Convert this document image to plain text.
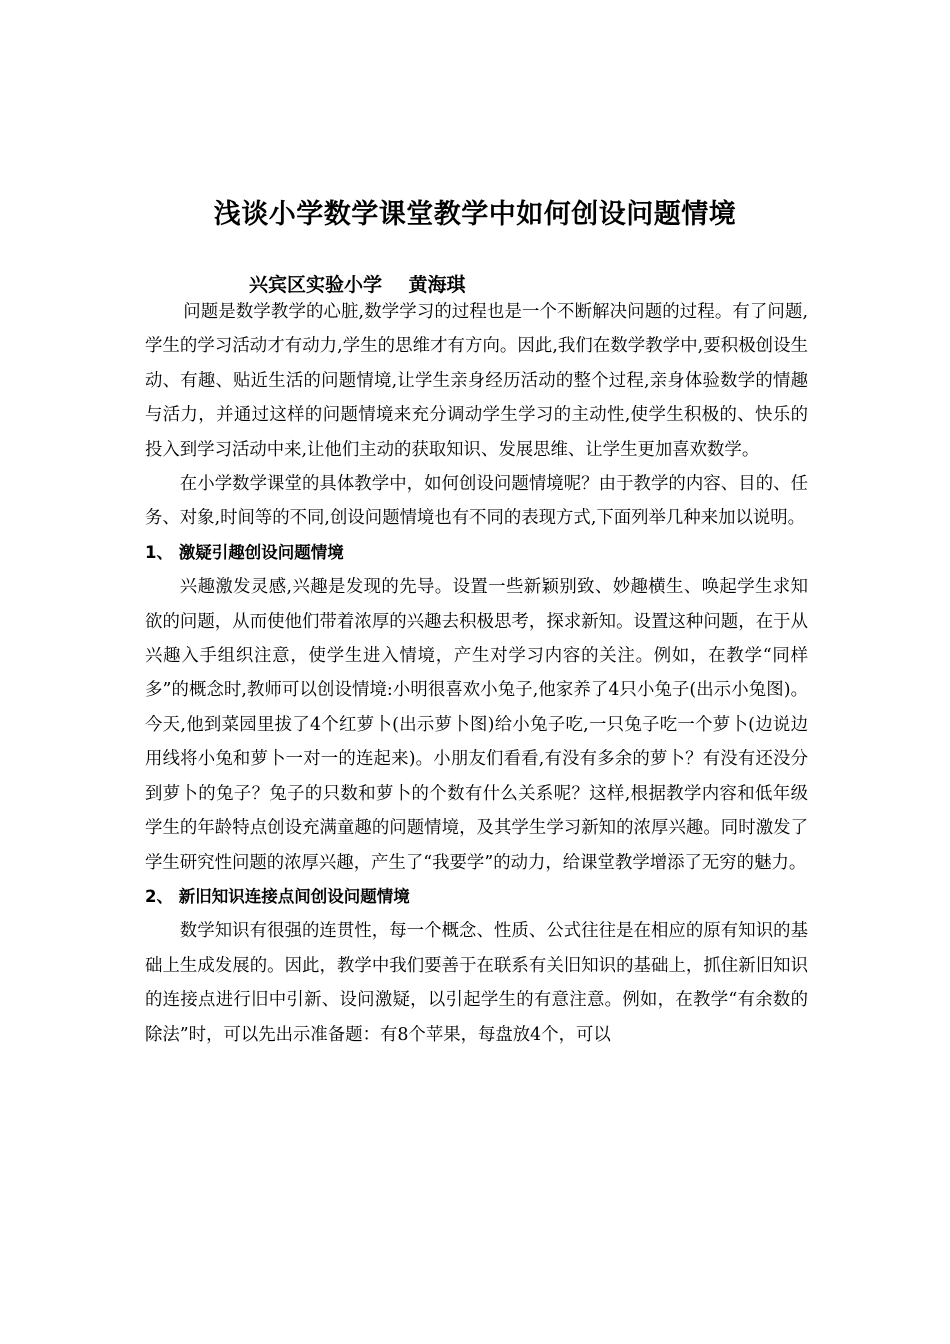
浅谈小学数学课堂教学中如何创设问题情境
兴宾区实验小学    黄海琪

问题是数学教学的心脏,数学学习的过程也是一个不断解决问题的过程。有了问题,学生的学习活动才有动力,学生的思维才有方向。因此,我们在数学教学中,要积极创设生动、有趣、贴近生活的问题情境,让学生亲身经历活动的整个过程,亲身体验数学的情趣与活力，并通过这样的问题情境来充分调动学生学习的主动性,使学生积极的、快乐的投入到学习活动中来,让他们主动的获取知识、发展思维、让学生更加喜欢数学。

在小学数学课堂的具体教学中，如何创设问题情境呢？由于教学的内容、目的、任务、对象,时间等的不同,创设问题情境也有不同的表现方式,下面列举几种来加以说明。

1、 激疑引趣创设问题情境

兴趣激发灵感,兴趣是发现的先导。设置一些新颖别致、妙趣横生、唤起学生求知欲的问题，从而使他们带着浓厚的兴趣去积极思考，探求新知。设置这种问题，在于从兴趣入手组织注意，使学生进入情境，产生对学习内容的关注。例如，在教学“同样多”的概念时,教师可以创设情境:小明很喜欢小兔子,他家养了4只小兔子(出示小兔图)。今天,他到菜园里拔了4个红萝卜(出示萝卜图)给小兔子吃,一只兔子吃一个萝卜(边说边用线将小兔和萝卜一对一的连起来)。小朋友们看看,有没有多余的萝卜？有没有还没分到萝卜的兔子？兔子的只数和萝卜的个数有什么关系呢？这样,根据教学内容和低年级学生的年龄特点创设充满童趣的问题情境，及其学生学习新知的浓厚兴趣。同时激发了学生研究性问题的浓厚兴趣，产生了“我要学”的动力，给课堂教学增添了无穷的魅力。

2、 新旧知识连接点间创设问题情境

数学知识有很强的连贯性，每一个概念、性质、公式往往是在相应的原有知识的基础上生成发展的。因此，教学中我们要善于在联系有关旧知识的基础上，抓住新旧知识的连接点进行旧中引新、设问激疑，以引起学生的有意注意。例如，在教学“有余数的除法”时，可以先出示准备题：有8个苹果，每盘放4个，可以
